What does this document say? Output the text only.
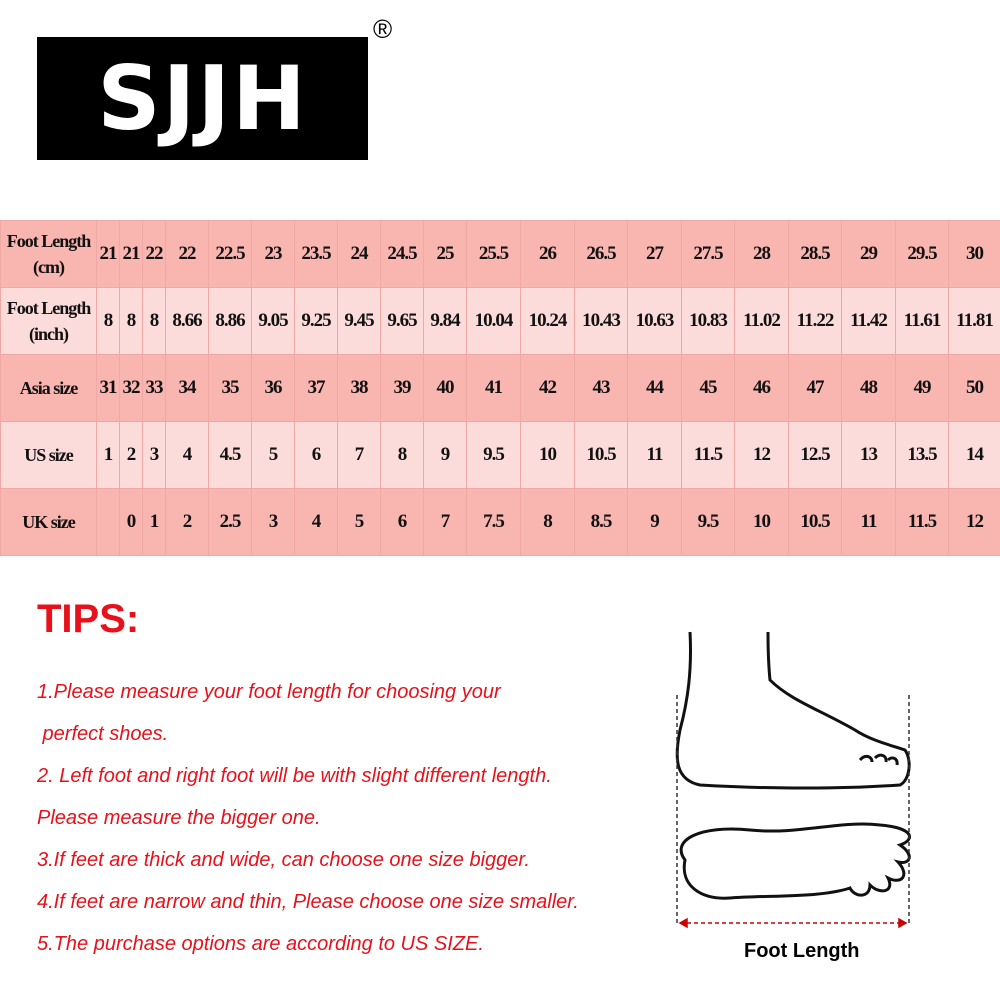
SJJH
®
Foot Length (cm)	21	21	22	22	22.5	23	23.5	24	24.5	25	25.5	26	26.5	27	27.5	28	28.5	29	29.5	30
Foot Length (inch)	8	8	8	8.66	8.86	9.05	9.25	9.45	9.65	9.84	10.04	10.24	10.43	10.63	10.83	11.02	11.22	11.42	11.61	11.81
Asia size	31	32	33	34	35	36	37	38	39	40	41	42	43	44	45	46	47	48	49	50
US size	1	2	3	4	4.5	5	6	7	8	9	9.5	10	10.5	11	11.5	12	12.5	13	13.5	14
UK size		0	1	2	2.5	3	4	5	6	7	7.5	8	8.5	9	9.5	10	10.5	11	11.5	12
TIPS:
1.Please measure your foot length for choosing your
perfect shoes.
2. Left foot and right foot will be with slight different length.
Please measure the bigger one.
3.If feet are thick and wide, can choose one size bigger.
4.If feet are narrow and thin, Please choose one size smaller.
5.The purchase options are according to US SIZE.	Foot Length
